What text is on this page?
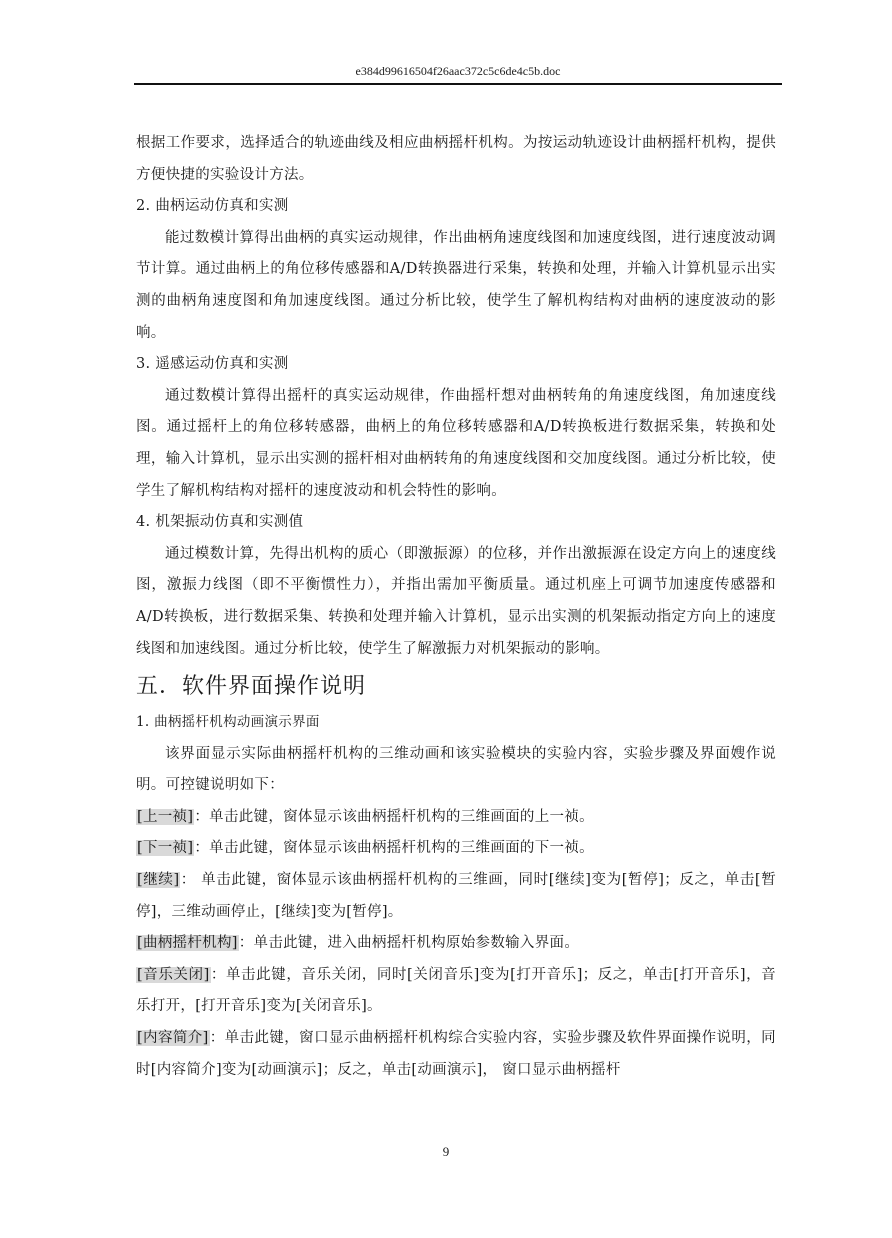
e384d99616504f26aac372c5c6de4c5b.doc

根据工作要求，选择适合的轨迹曲线及相应曲柄摇杆机构。为按运动轨迹设计曲柄摇杆机构，提供方便快捷的实验设计方法。

2. 曲柄运动仿真和实测

能过数模计算得出曲柄的真实运动规律，作出曲柄角速度线图和加速度线图，进行速度波动调节计算。通过曲柄上的角位移传感器和A/D转换器进行采集，转换和处理，并输入计算机显示出实测的曲柄角速度图和角加速度线图。通过分析比较，使学生了解机构结构对曲柄的速度波动的影响。

3. 遥感运动仿真和实测

通过数模计算得出摇杆的真实运动规律，作曲摇杆想对曲柄转角的角速度线图，角加速度线图。通过摇杆上的角位移转感器，曲柄上的角位移转感器和A/D转换板进行数据采集，转换和处理，输入计算机，显示出实测的摇杆相对曲柄转角的角速度线图和交加度线图。通过分析比较，使学生了解机构结构对摇杆的速度波动和机会特性的影响。

4. 机架振动仿真和实测值

通过模数计算，先得出机构的质心（即激振源）的位移，并作出激振源在设定方向上的速度线图，激振力线图（即不平衡惯性力），并指出需加平衡质量。通过机座上可调节加速度传感器和A/D转换板，进行数据采集、转换和处理并输入计算机，显示出实测的机架振动指定方向上的速度线图和加速线图。通过分析比较，使学生了解激振力对机架振动的影响。

五．软件界面操作说明

1. 曲柄摇杆机构动画演示界面

该界面显示实际曲柄摇杆机构的三维动画和该实验模块的实验内容，实验步骤及界面嫂作说明。可控键说明如下：

[上一祯]：单击此键，窗体显示该曲柄摇杆机构的三维画面的上一祯。

[下一祯]：单击此键，窗体显示该曲柄摇杆机构的三维画面的下一祯。

[继续]： 单击此键，窗体显示该曲柄摇杆机构的三维画，同时[继续]变为[暂停]；反之，单击[暂停]，三维动画停止，[继续]变为[暂停]。

[曲柄摇杆机构]：单击此键，进入曲柄摇杆机构原始参数输入界面。

[音乐关闭]：单击此键，音乐关闭，同时[关闭音乐]变为[打开音乐]；反之，单击[打开音乐]，音乐打开，[打开音乐]变为[关闭音乐]。

[内容简介]：单击此键，窗口显示曲柄摇杆机构综合实验内容，实验步骤及软件界面操作说明，同时[内容简介]变为[动画演示]；反之，单击[动画演示]， 窗口显示曲柄摇杆

9
